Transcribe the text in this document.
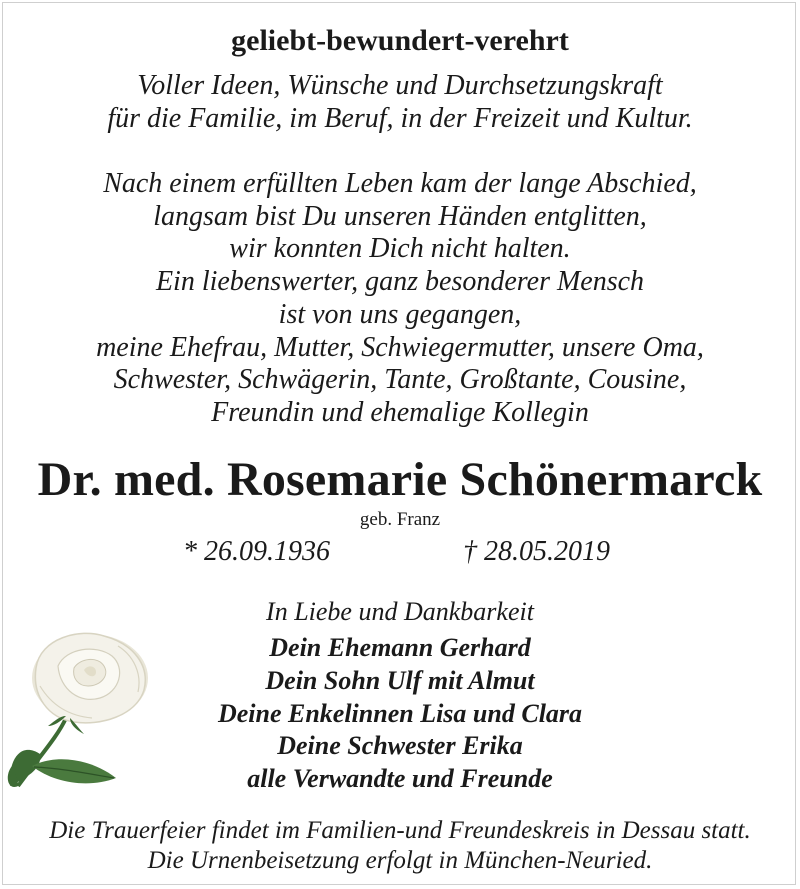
geliebt-bewundert-verehrt
Voller Ideen, Wünsche und Durchsetzungskraft
für die Familie, im Beruf, in der Freizeit und Kultur.
Nach einem erfüllten Leben kam der lange Abschied,
langsam bist Du unseren Händen entglitten,
wir konnten Dich nicht halten.
Ein liebenswerter, ganz besonderer Mensch
ist von uns gegangen,
meine Ehefrau, Mutter, Schwiegermutter, unsere Oma,
Schwester, Schwägerin, Tante, Großtante, Cousine,
Freundin und ehemalige Kollegin
Dr. med. Rosemarie Schönermarck
geb. Franz
* 26.09.1936	† 28.05.2019
In Liebe und Dankbarkeit
Dein Ehemann Gerhard
Dein Sohn Ulf mit Almut
Deine Enkelinnen Lisa und Clara
Deine Schwester Erika
alle Verwandte und Freunde
Die Trauerfeier findet im Familien-und Freundeskreis in Dessau statt.
Die Urnenbeisetzung erfolgt in München-Neuried.
